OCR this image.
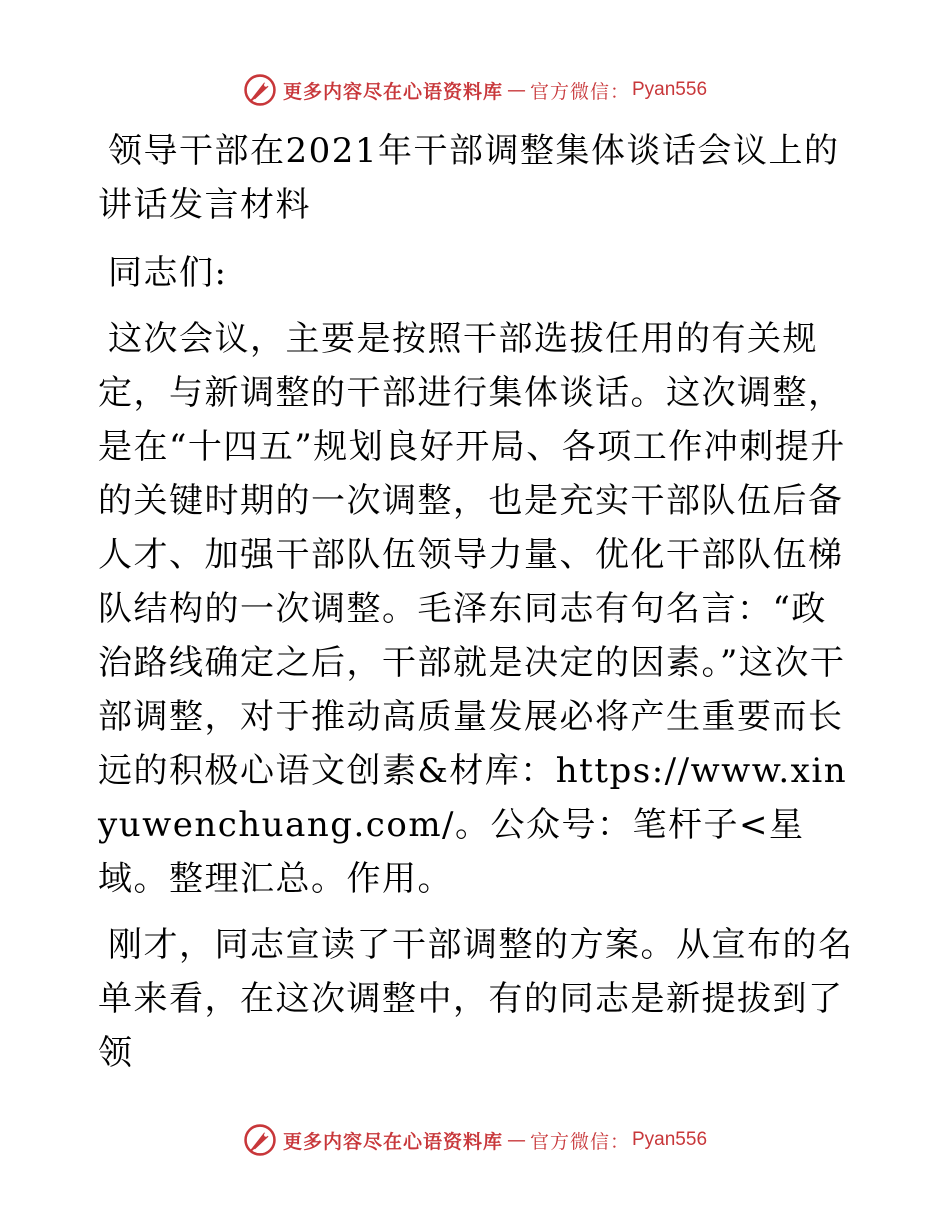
更多内容尽在心语资料库 — 官方微信： Pyan556
领导干部在2021年干部调整集体谈话会议上的讲话发言材料

同志们:

这次会议，主要是按照干部选拔任用的有关规定，与新调整的干部进行集体谈话。这次调整，是在“十四五”规划良好开局、各项工作冲刺提升的关键时期的一次调整，也是充实干部队伍后备人才、加强干部队伍领导力量、优化干部队伍梯队结构的一次调整。毛泽东同志有句名言：“政治路线确定之后，干部就是决定的因素。”这次干部调整，对于推动高质量发展必将产生重要而长远的积极心语文创素&材库：https://www.xinyuwenchuang.com/。公众号：笔杆子<星域。整理汇总。作用。

刚才，同志宣读了干部调整的方案。从宣布的名单来看，在这次调整中，有的同志是新提拔到了领

更多内容尽在心语资料库 — 官方微信： Pyan556
